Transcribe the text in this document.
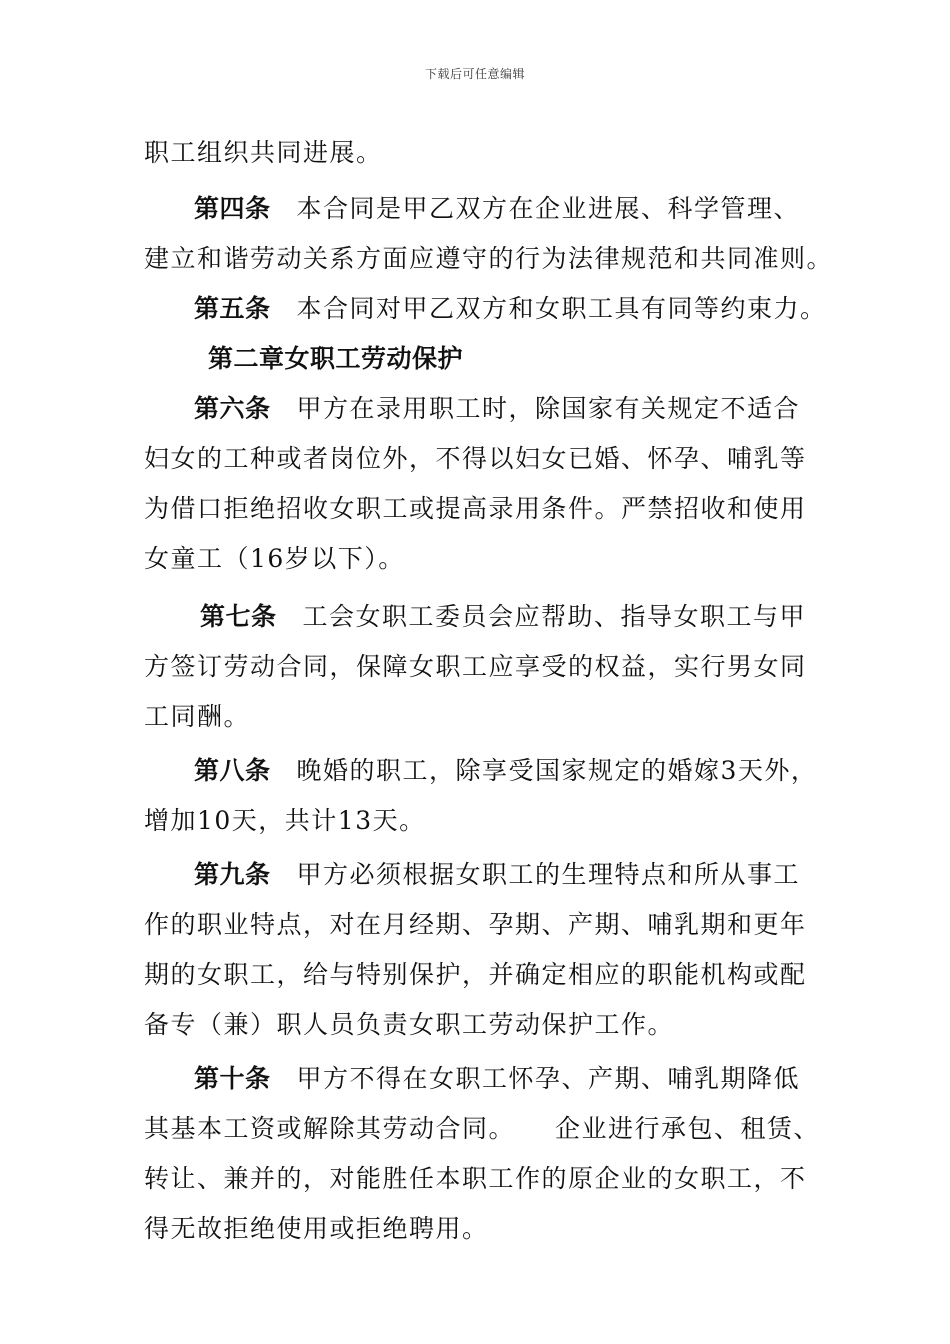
下载后可任意编辑
职工组织共同进展。
第四条 本合同是甲乙双方在企业进展、科学管理、
建立和谐劳动关系方面应遵守的行为法律规范和共同准则。
第五条 本合同对甲乙双方和女职工具有同等约束力。
第二章女职工劳动保护
第六条 甲方在录用职工时，除国家有关规定不适合
妇女的工种或者岗位外，不得以妇女已婚、怀孕、哺乳等
为借口拒绝招收女职工或提高录用条件。严禁招收和使用
女童工（16岁以下）。
第七条 工会女职工委员会应帮助、指导女职工与甲
方签订劳动合同，保障女职工应享受的权益，实行男女同
工同酬。
第八条 晚婚的职工，除享受国家规定的婚嫁3天外，
增加10天，共计13天。
第九条 甲方必须根据女职工的生理特点和所从事工
作的职业特点，对在月经期、孕期、产期、哺乳期和更年
期的女职工，给与特别保护，并确定相应的职能机构或配
备专（兼）职人员负责女职工劳动保护工作。
第十条 甲方不得在女职工怀孕、产期、哺乳期降低
其基本工资或解除其劳动合同。 企业进行承包、租赁、
转让、兼并的，对能胜任本职工作的原企业的女职工，不
得无故拒绝使用或拒绝聘用。
